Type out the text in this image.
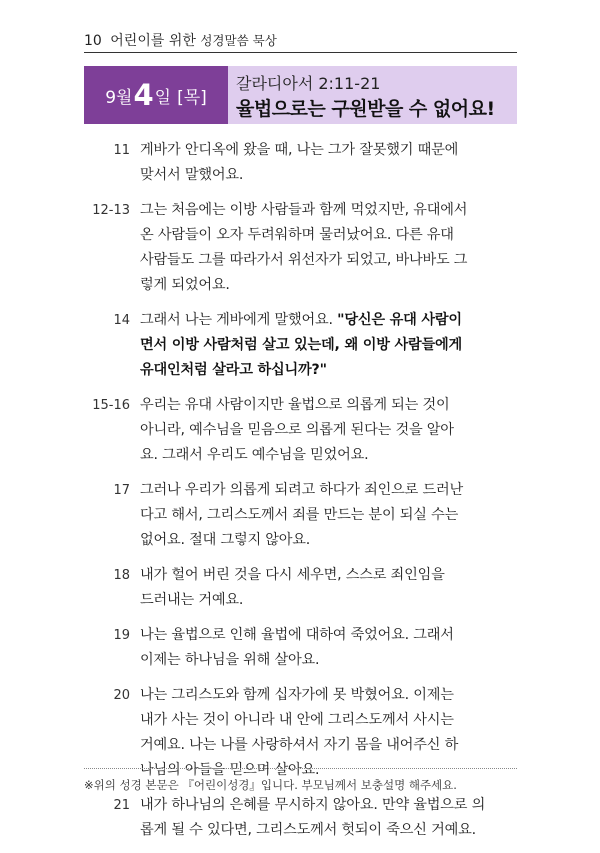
10 어린이를 위한 성경말씀 묵상
9월 4 일 [목]
갈라디아서 2:11-21
율법으로는 구원받을 수 없어요!
11 게바가 안디옥에 왔을 때, 나는 그가 잘못했기 때문에
맞서서 말했어요.
12-13 그는 처음에는 이방 사람들과 함께 먹었지만, 유대에서
온 사람들이 오자 두려워하며 물러났어요. 다른 유대
사람들도 그를 따라가서 위선자가 되었고, 바나바도 그
렇게 되었어요.
14 그래서 나는 게바에게 말했어요. "당신은 유대 사람이
면서 이방 사람처럼 살고 있는데, 왜 이방 사람들에게
유대인처럼 살라고 하십니까?"
15-16 우리는 유대 사람이지만 율법으로 의롭게 되는 것이
아니라, 예수님을 믿음으로 의롭게 된다는 것을 알아
요. 그래서 우리도 예수님을 믿었어요.
17 그러나 우리가 의롭게 되려고 하다가 죄인으로 드러난
다고 해서, 그리스도께서 죄를 만드는 분이 되실 수는
없어요. 절대 그렇지 않아요.
18 내가 헐어 버린 것을 다시 세우면, 스스로 죄인임을
드러내는 거예요.
19 나는 율법으로 인해 율법에 대하여 죽었어요. 그래서
이제는 하나님을 위해 살아요.
20 나는 그리스도와 함께 십자가에 못 박혔어요. 이제는
내가 사는 것이 아니라 내 안에 그리스도께서 사시는
거예요. 나는 나를 사랑하셔서 자기 몸을 내어주신 하
나님의 아들을 믿으며 살아요.
21 내가 하나님의 은혜를 무시하지 않아요. 만약 율법으로 의
롭게 될 수 있다면, 그리스도께서 헛되이 죽으신 거예요.
※위의 성경 본문은 『어린이성경』입니다. 부모님께서 보충설명 해주세요.
